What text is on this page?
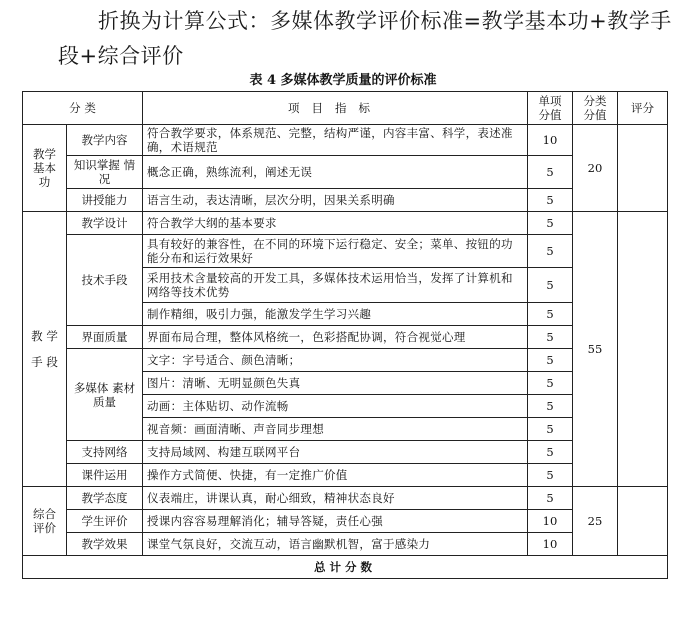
折换为计算公式：多媒体教学评价标准=教学基本功+教学手
段+综合评价
表 4 多媒体教学质量的评价标准
分 类		项目指标	单项 分值	分类 分值	评分
教学 基本 功	教学内容	符合教学要求，体系规范、完整，结构严谨，内容丰富、科学，表述准确，术语规范	10	20	
	知识掌握 情况	概念正确，熟练流利，阐述无误	5		
	讲授能力	语言生动，表达清晰，层次分明，因果关系明确	5		
教 学 手 段	教学设计	符合教学大纲的基本要求	5	55	
	技术手段	具有较好的兼容性，在不同的环境下运行稳定、安全；菜单、按钮的功能分布和运行效果好	5		
		采用技术含量较高的开发工具，多媒体技术运用恰当，发挥了计算机和网络等技术优势	5		
		制作精细，吸引力强，能激发学生学习兴趣	5		
	界面质量	界面布局合理，整体风格统一，色彩搭配协调，符合视觉心理	5		
	多媒体 素材质量	文字：字号适合、颜色清晰；	5		
		图片：清晰、无明显颜色失真	5		
		动画：主体贴切、动作流畅	5		
		视音频：画面清晰、声音同步理想	5		
	支持网络	支持局域网、构建互联网平台	5		
	课件运用	操作方式简便、快捷，有一定推广价值	5		
综合 评价	教学态度	仪表端庄，讲课认真，耐心细致，精神状态良好	5	25	
	学生评价	授课内容容易理解消化；辅导答疑，责任心强	10		
	教学效果	课堂气氛良好，交流互动，语言幽默机智，富于感染力	10		
总计分数					
